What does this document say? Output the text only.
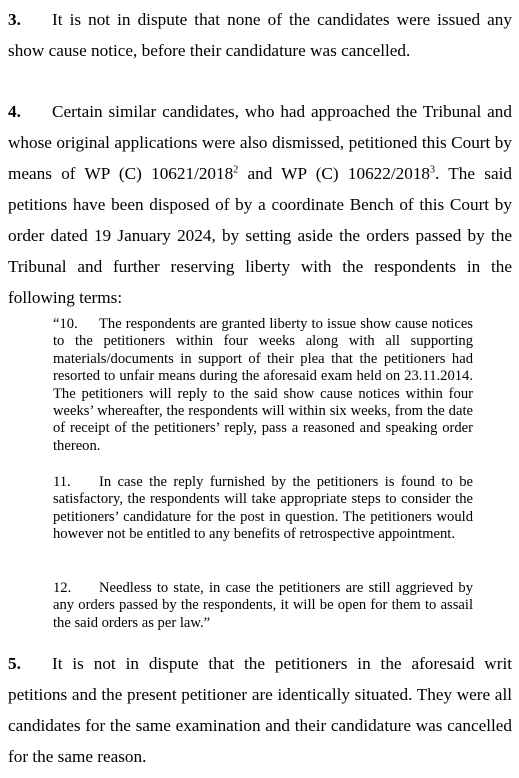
3. It is not in dispute that none of the candidates were issued any show cause notice, before their candidature was cancelled.

4. Certain similar candidates, who had approached the Tribunal and whose original applications were also dismissed, petitioned this Court by means of WP (C) 10621/2018$^2$ and WP (C) 10622/2018$^3$. The said petitions have been disposed of by a coordinate Bench of this Court by order dated 19 January 2024, by setting aside the orders passed by the Tribunal and further reserving liberty with the respondents in the following terms:

“10. The respondents are granted liberty to issue show cause notices to the petitioners within four weeks along with all supporting materials/documents in support of their plea that the petitioners had resorted to unfair means during the aforesaid exam held on 23.11.2014. The petitioners will reply to the said show cause notices within four weeks’ whereafter, the respondents will within six weeks, from the date of receipt of the petitioners’ reply, pass a reasoned and speaking order thereon.

11. In case the reply furnished by the petitioners is found to be satisfactory, the respondents will take appropriate steps to consider the petitioners’ candidature for the post in question. The petitioners would however not be entitled to any benefits of retrospective appointment.

12. Needless to state, in case the petitioners are still aggrieved by any orders passed by the respondents, it will be open for them to assail the said orders as per law.”

5. It is not in dispute that the petitioners in the aforesaid writ petitions and the present petitioner are identically situated. They were all candidates for the same examination and their candidature was cancelled for the same reason.
